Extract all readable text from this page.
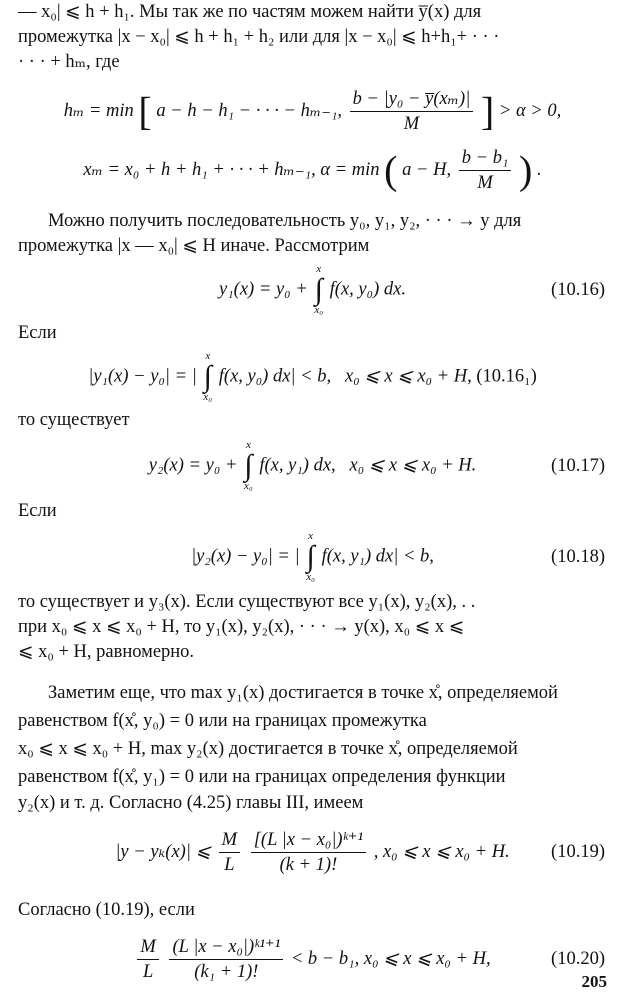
— x₀| ⩽ h + h₁. Мы так же по частям можем найти y̅(x) для

промежутка |x − x₀| ⩽ h + h₁ + h₂ или для |x − x₀| ⩽ h+h₁+ · · ·

· · · + hₘ, где

hₘ = min [ a − h − h₁ − · · · − hₘ₋₁, $\frac{\text{b − |y₀ − y̅(xₘ)|}}{M}$ ] > α > 0,
xₘ = x₀ + h + h₁ + · · · + hₘ₋₁, α = min ( a − H, $\frac{\text{b − b₁}}{M}$ ) .

Можно получить последовательность y₀, y₁, y₂, · · · → y для

промежутка |x — x₀| ⩽ H иначе. Рассмотрим

y₁(x) = y₀ +
x
∫
x₀
f(x, y₀) dx.	(10.16)

Если

|y₁(x) − y₀| = |
x
∫
x₀
f(x, y₀) dx| < b, x₀ ⩽ x ⩽ x₀ + H, (10.16₁)

то существует

y₂(x) = y₀ +
x
∫
x₀
f(x, y₁) dx, x₀ ⩽ x ⩽ x₀ + H.	(10.17)

Если

|y₂(x) − y₀| = |
x
∫
x₀
f(x, y₁) dx| < b,	(10.18)

то существует и y₃(x). Если существуют все y₁(x), y₂(x), . .

при x₀ ⩽ x ⩽ x₀ + H, то y₁(x), y₂(x), · · · → y(x), x₀ ⩽ x ⩽

⩽ x₀ + H, равномерно.

Заметим еще, что max y₁(x) достигается в точке x̊, определяемой

равенством f(x̊, y₀) = 0 или на границах промежутка

x₀ ⩽ x ⩽ x₀ + H, max y₂(x) достигается в точке x̊, определяемой

равенством f(x̊, y₁) = 0 или на границах определения функции

y₂(x) и т. д. Согласно (4.25) главы III, имеем

|y − yₖ(x)| ⩽ $\frac{M}{L}$
$\frac{\text{[(L |x − x₀|)ᵏ⁺¹}}{(k + 1)!}$ , x₀ ⩽ x ⩽ x₀ + H. (10.19)

Согласно (10.19), если

$\frac{M}{L}$
$\frac{\text{(L |x − x₀|)ᵏ¹⁺¹}}{\text{(k₁ + 1)!}} < b - b_1$, x₀ ⩽ x ⩽ x₀ + H,	(10.20)
205
